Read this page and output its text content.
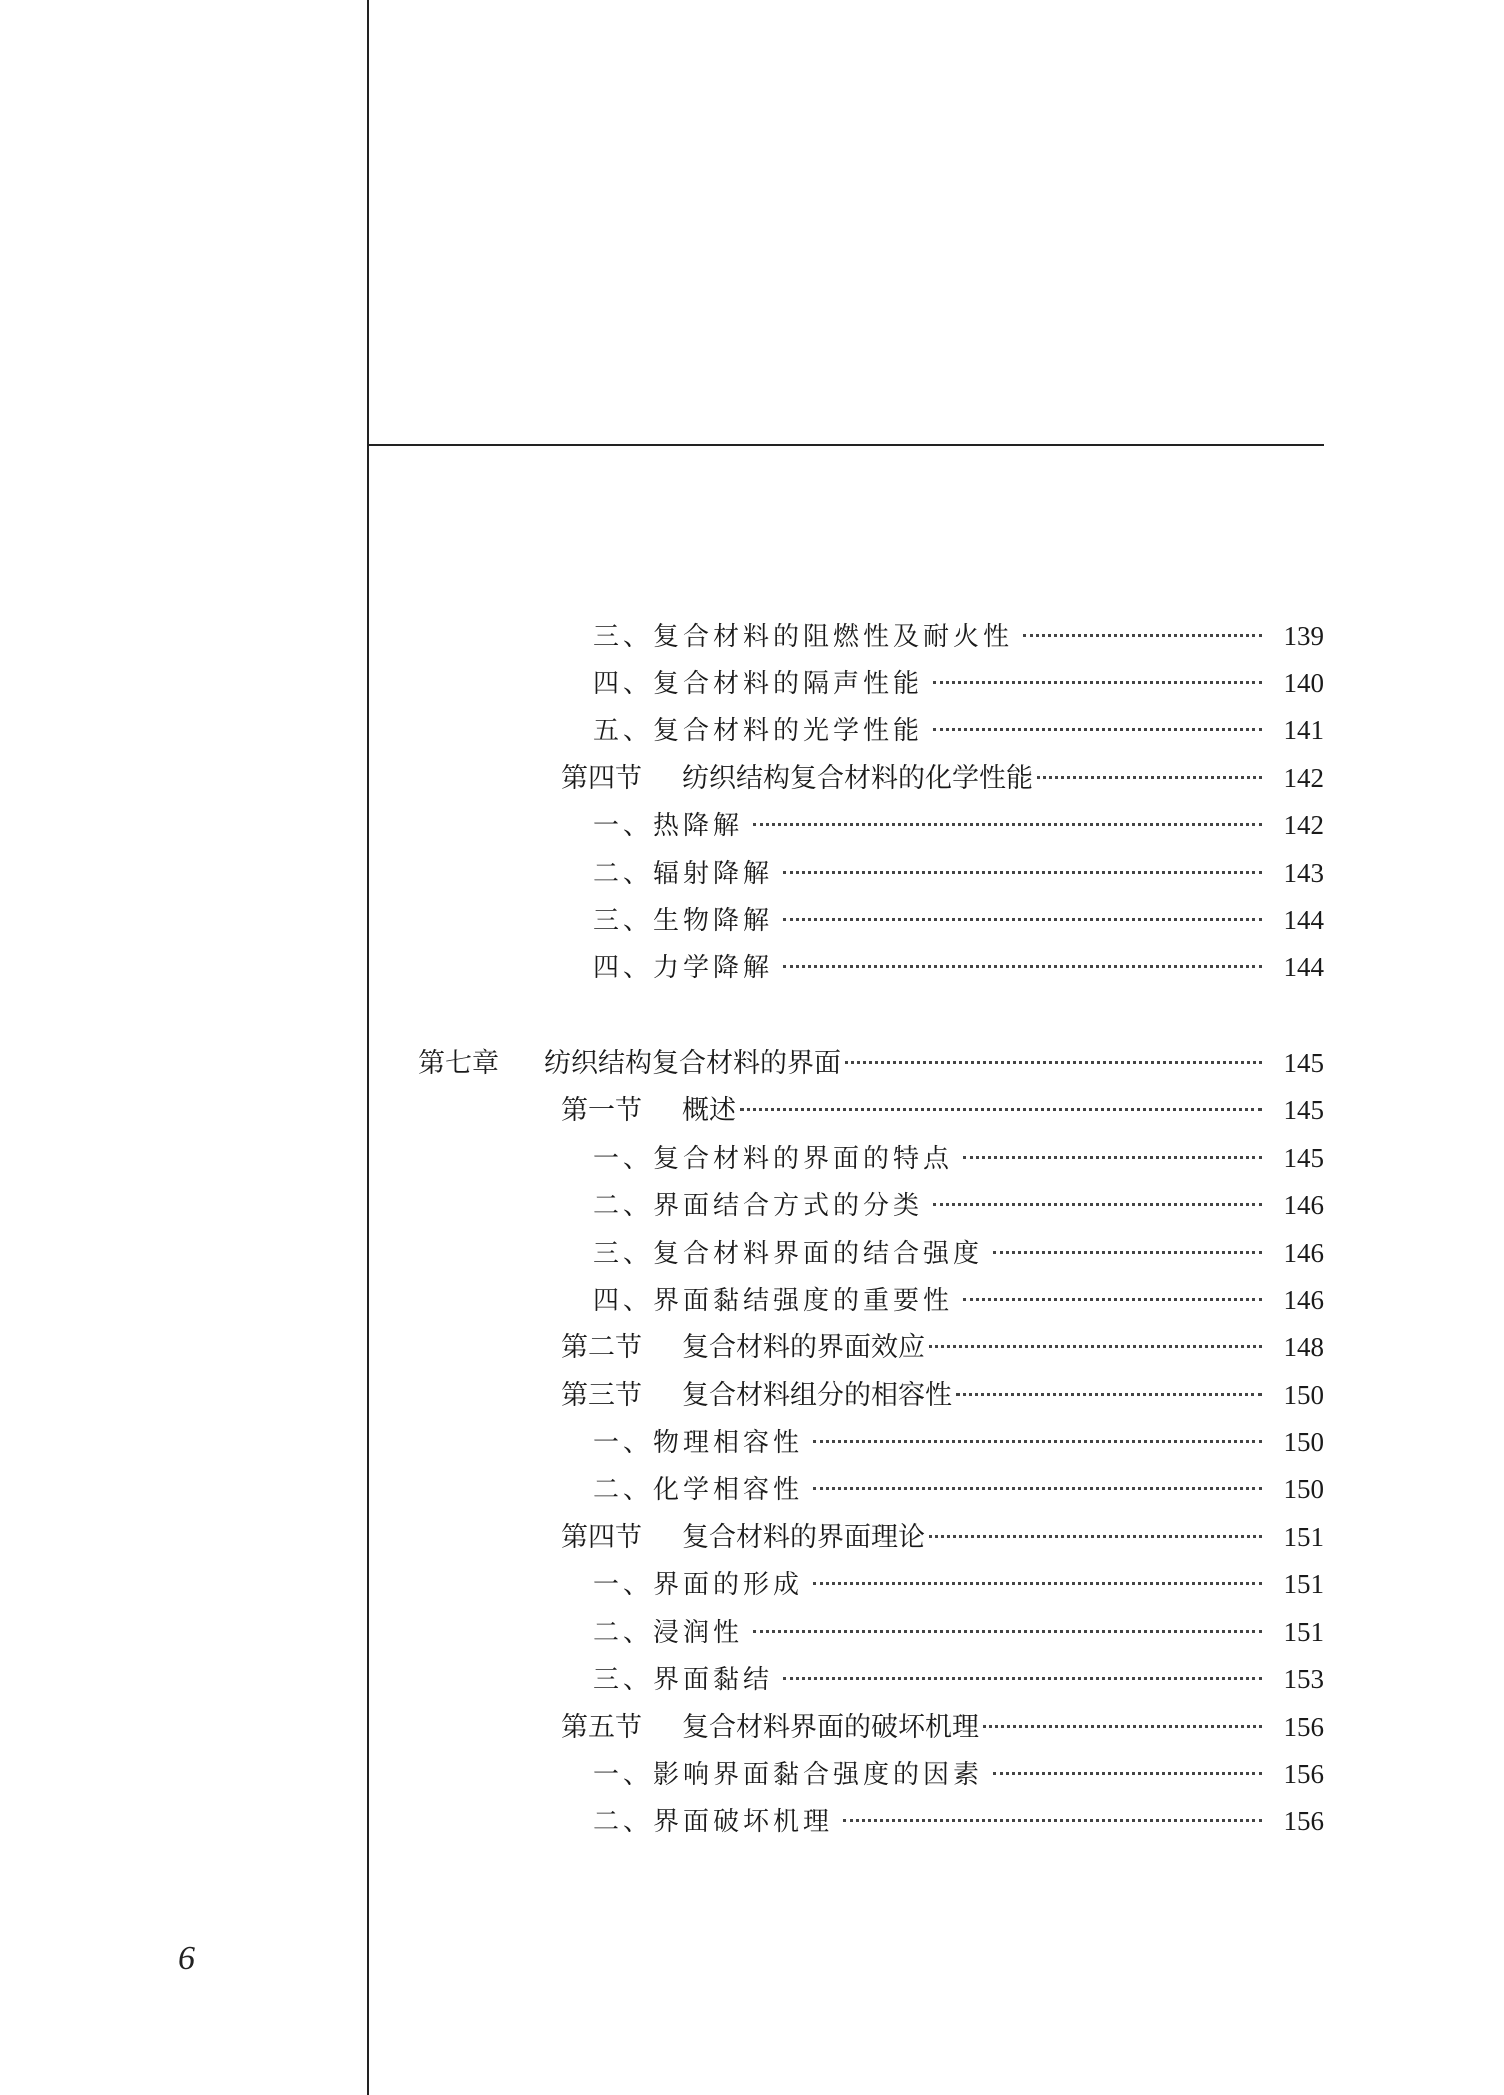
三、复合材料的阻燃性及耐火性	139
四、复合材料的隔声性能	140
五、复合材料的光学性能	141
第四节 纺织结构复合材料的化学性能	142
一、热降解	142
二、辐射降解	143
三、生物降解	144
四、力学降解	144
第七章 纺织结构复合材料的界面	145
第一节 概述	145
一、复合材料的界面的特点	145
二、界面结合方式的分类	146
三、复合材料界面的结合强度	146
四、界面黏结强度的重要性	146
第二节 复合材料的界面效应	148
第三节 复合材料组分的相容性	150
一、物理相容性	150
二、化学相容性	150
第四节 复合材料的界面理论	151
一、界面的形成	151
二、浸润性	151
三、界面黏结	153
第五节 复合材料界面的破坏机理	156
一、影响界面黏合强度的因素	156
二、界面破坏机理	156
6
